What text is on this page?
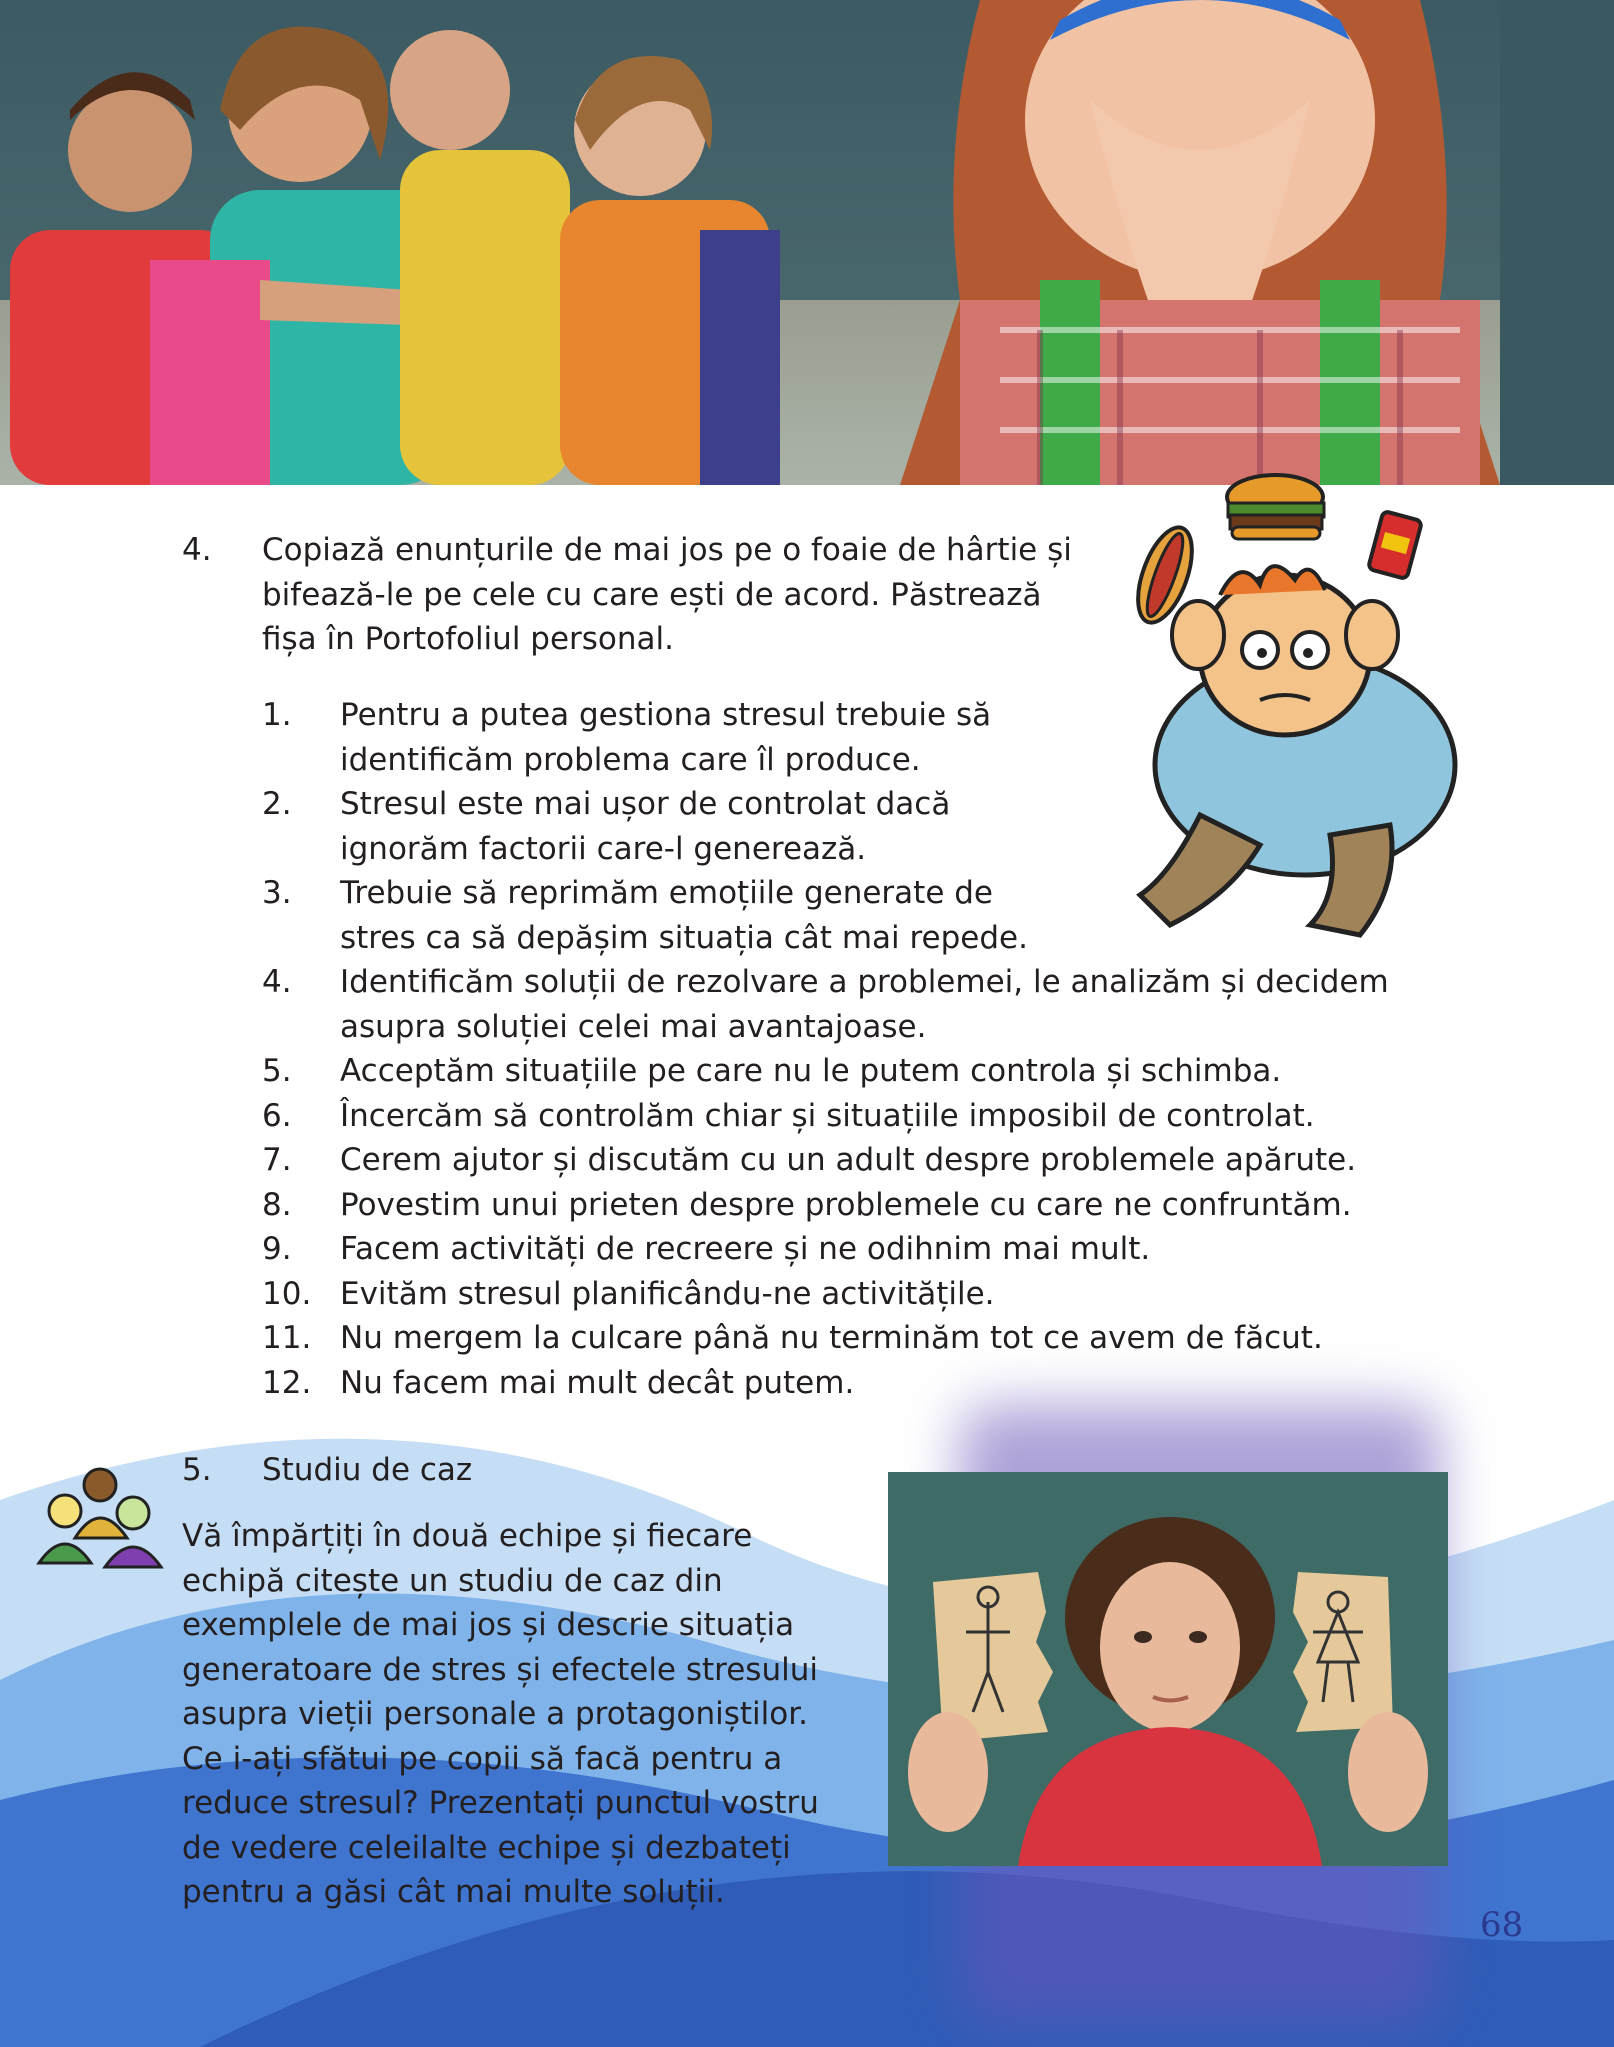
4. Copiază enunțurile de mai jos pe o foaie de hârtie și bifează-le pe cele cu care ești de acord. Păstrează fișa în Portofoliul personal.
1. Pentru a putea gestiona stresul trebuie să identificăm problema care îl produce.
2. Stresul este mai ușor de controlat dacă ignorăm factorii care-l generează.
3. Trebuie să reprimăm emoțiile generate de stres ca să depășim situația cât mai repede.
4. Identificăm soluții de rezolvare a problemei, le analizăm și decidem asupra soluției celei mai avantajoase.
5. Acceptăm situațiile pe care nu le putem controla și schimba.
6. Încercăm să controlăm chiar și situațiile imposibil de controlat.
7. Cerem ajutor și discutăm cu un adult despre problemele apărute.
8. Povestim unui prieten despre problemele cu care ne confruntăm.
9. Facem activități de recreere și ne odihnim mai mult.
10. Evităm stresul planificându-ne activitățile.
11. Nu mergem la culcare până nu terminăm tot ce avem de făcut.
12. Nu facem mai mult decât putem.
5. Studiu de caz
Vă împărțiți în două echipe și fiecare echipă citește un studiu de caz din exemplele de mai jos și descrie situația generatoare de stres și efectele stresului asupra vieții personale a protagoniștilor. Ce i-ați sfătui pe copii să facă pentru a reduce stresul? Prezentați punctul vostru de vedere celeilalte echipe și dezbateți pentru a găsi cât mai multe soluții.
68
